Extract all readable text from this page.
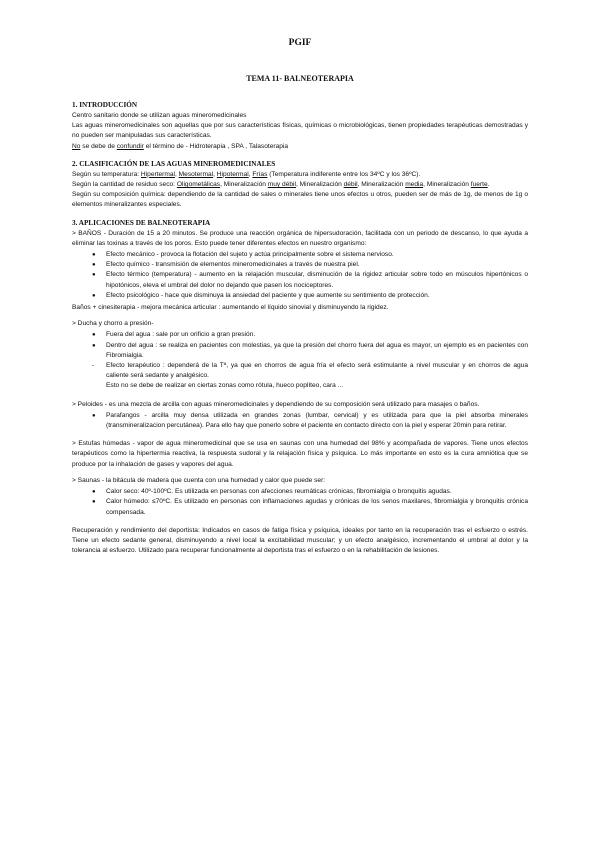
PGIF
TEMA 11- BALNEOTERAPIA
1. INTRODUCCIÓN

Centro sanitario donde se utilizan aguas mineromedicinales

Las aguas mineromedicinales son aquellas que por sus características físicas, químicas o microbiológicas, tienen propiedades terapéuticas demostradas y no pueden ser manipuladas sus características.

No se debe de confundir el término de - Hidroterapia , SPA , Talasoterapia

2. CLASIFICACIÓN DE LAS AGUAS MINEROMEDICINALES

Según su temperatura: Hipertermal, Mesotermal, Hipotermal, Frías (Temperatura indiferente entre los 34ºC y los 36ºC).

Según la cantidad de residuo seco: Oligometálicas, Mineralización muy débil, Mineralización débil, Mineralización media, Mineralización fuerte.

Según su composición química: dependiendo de la cantidad de sales o minerales tiene unos efectos u otros, pueden ser de más de 1g, de menos de 1g o elementos mineralizantes especiales.

3. APLICACIONES DE BALNEOTERAPIA

> BAÑOS - Duración de 15 a 20 minutos. Se produce una reacción orgánica de hipersudoración, facilitada con un periodo de descanso, lo que ayuda a eliminar las toxinas a través de los poros. Esto puede tener diferentes efectos en nuestro organismo:

● Efecto mecánico - provoca la flotación del sujeto y actúa principalmente sobre el sistema nervioso.
● Efecto químico - transmisión de elementos mineromedicinales a través de nuestra piel.
● Efecto térmico (temperatura) - aumento en la relajación muscular, disminución de la rigidez articular sobre todo en músculos hipertónicos o hipotónicos, eleva el umbral del dolor no dejando que pasen los nociceptores.
● Efecto psicológico - hace que disminuya la ansiedad del paciente y que aumente su sentimiento de protección.

Baños + cinesiterapia - mejora mecánica articular : aumentando el líquido sinovial y disminuyendo la rigidez.

> Ducha y chorro a presión-

● Fuera del agua : sale por un orificio a gran presión.
● Dentro del agua : se realiza en pacientes con molestias, ya que la presión del chorro fuera del agua es mayor, un ejemplo es en pacientes con Fibromialgia.
- Efecto terapéutico : dependerá de la Tª, ya que en chorros de agua fría el efecto será estimulante a nivel muscular y en chorros de agua caliente será sedante y analgésico.
Esto no se debe de realizar en ciertas zonas como rótula, hueco poplíteo, cara ...

> Peloides - es una mezcla de arcilla con aguas mineromedicinales y dependiendo de su composición será utilizado para masajes o baños.

● Parafangos - arcilla muy densa utilizada en grandes zonas (lumbar, cervical) y es utilizada para que la piel absorba minerales (transmineralizacion percutánea). Para ello hay que ponerlo sobre el paciente en contacto directo con la piel y esperar 20min para retirar.

> Estufas húmedas - vapor de agua mineromedicinal que se usa en saunas con una humedad del 98% y acompañada de vapores. Tiene unos efectos terapéuticos como la hipertermia reactiva, la respuesta sudoral y la relajación física y psíquica. Lo más importante en esto es la cura amniótica que se produce por la inhalación de gases y vapores del agua.

> Saunas - la bitácula de madera que cuenta con una humedad y calor que puede ser:

● Calor seco: 40º-100ºC. Es utilizada en personas con afecciones reumáticas crónicas, fibromialgia o bronquitis agudas.
● Calor húmedo: ≤70ºC. Es utilizado en personas con inflamaciones agudas y crónicas de los senos maxilares, fibromialgia y bronquitis crónica compensada.

Recuperación y rendimiento del deportista: Indicados en casos de fatiga física y psíquica, ideales por tanto en la recuperación tras el esfuerzo o estrés. Tiene un efecto sedante general, disminuyendo a nivel local la excitabilidad muscular; y un efecto analgésico, incrementando el umbral al dolor y la tolerancia al esfuerzo. Utilizado para recuperar funcionalmente al deportista tras el esfuerzo o en la rehabilitación de lesiones.
